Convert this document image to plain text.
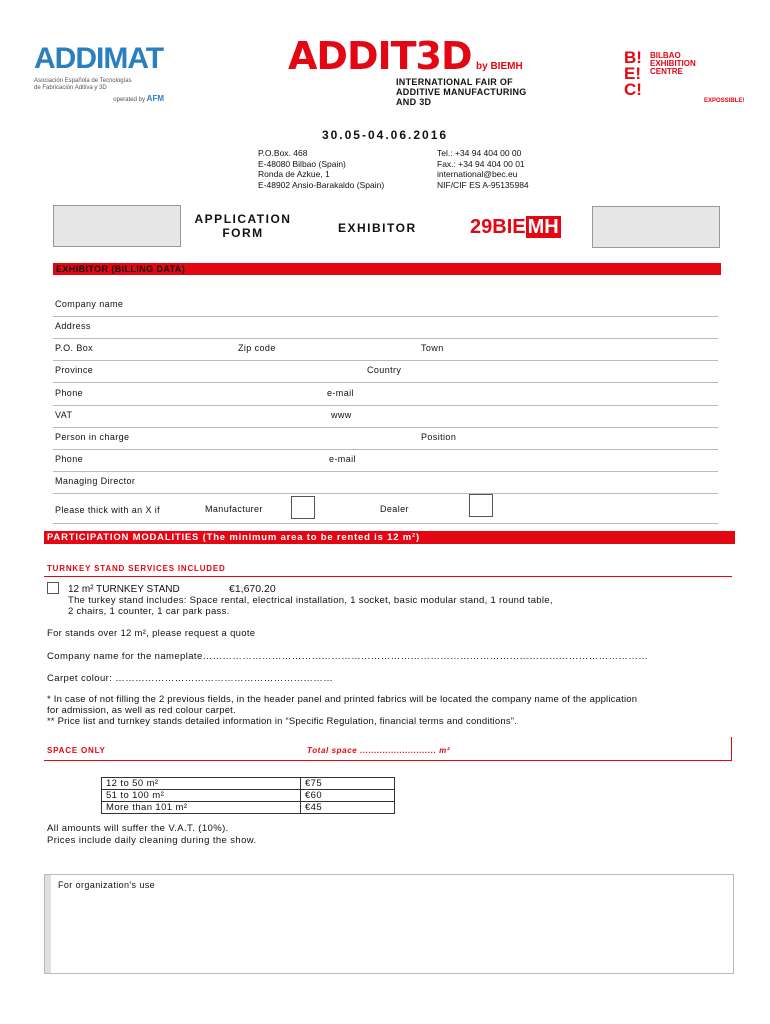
ADDIMAT
Asociación Española de Tecnologías
de Fabricación Aditiva y 3D
operated by AFM
ADDIT3D by BIEMH
INTERNATIONAL FAIR OF
ADDITIVE MANUFACTURING
AND 3D
B!
E!
C!
BILBAO
EXHIBITION
CENTRE
EXPOSSIBLE!
30.05-04.06.2016
P.O.Box. 468
E-48080 Bilbao (Spain)
Ronda de Azkue, 1
E-48902 Ansio-Barakaldo (Spain)
Tel.: +34 94 404 00 00
Fax.: +34 94 404 00 01
international@bec.eu
NIF/CIF ES A-95135984
APPLICATION
FORM	EXHIBITOR	29BIE MH
EXHIBITOR (BILLING DATA)
Company name
Address
P.O. Box	Zip code	Town
Province	Country
Phone	e-mail
VAT	www
Person in charge	Position
Phone	e-mail
Managing Director
Please thick with an X if	Manufacturer	Dealer
PARTICIPATION MODALITIES (The minimum area to be rented is 12 m²)
TURNKEY STAND SERVICES INCLUDED
12 m² TURNKEY STAND	€1,670.20
The turkey stand includes: Space rental, electrical installation, 1 socket, basic modular stand, 1 round table,
2 chairs, 1 counter, 1 car park pass.
For stands over 12 m², please request a quote
Company name for the nameplate………………………………………………………………………………………………………………………
Carpet colour: …………………………………………………………
* In case of not filling the 2 previous fields, in the header panel and printed fabrics will be located the company name of the application
for admission, as well as red colour carpet.
** Price list and turnkey stands detailed information in “Specific Regulation, financial terms and conditions”.
SPACE ONLY	Total space ........................... m²
12 to 50 m²	€75
51 to 100 m²	€60
More than 101 m²	€45
All amounts will suffer the V.A.T. (10%).
Prices include daily cleaning during the show.
For organization's use
